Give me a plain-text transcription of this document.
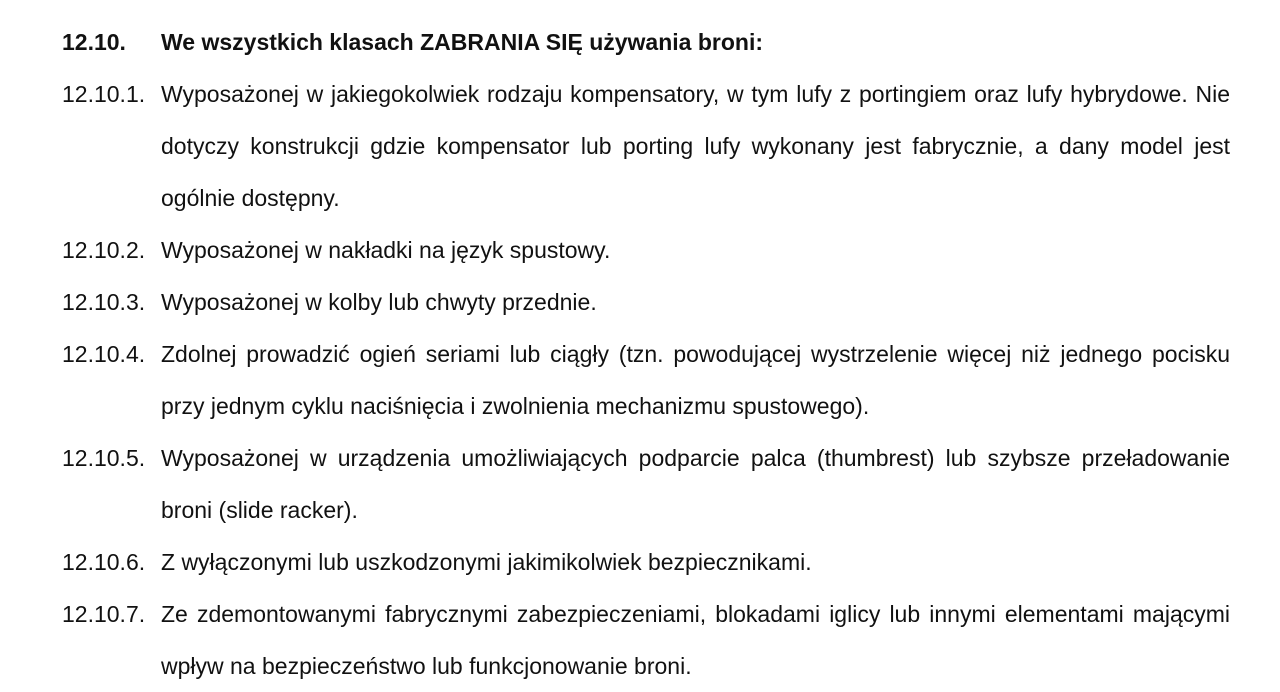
12.10.	We wszystkich klasach ZABRANIA SIĘ używania broni:
12.10.1. Wyposażonej w jakiegokolwiek rodzaju kompensatory, w tym lufy z portingiem oraz lufy hybrydowe. Nie dotyczy konstrukcji gdzie kompensator lub porting lufy wykonany jest fabrycznie, a dany model jest ogólnie dostępny.
12.10.2. Wyposażonej w nakładki na język spustowy.
12.10.3. Wyposażonej w kolby lub chwyty przednie.
12.10.4. Zdolnej prowadzić ogień seriami lub ciągły (tzn. powodującej wystrzelenie więcej niż jednego pocisku przy jednym cyklu naciśnięcia i zwolnienia mechanizmu spustowego).
12.10.5. Wyposażonej w urządzenia umożliwiających podparcie palca (thumbrest) lub szybsze przeładowanie broni (slide racker).
12.10.6. Z wyłączonymi lub uszkodzonymi jakimikolwiek bezpiecznikami.
12.10.7. Ze zdemontowanymi fabrycznymi zabezpieczeniami, blokadami iglicy lub innymi elementami mającymi wpływ na bezpieczeństwo lub funkcjonowanie broni.
